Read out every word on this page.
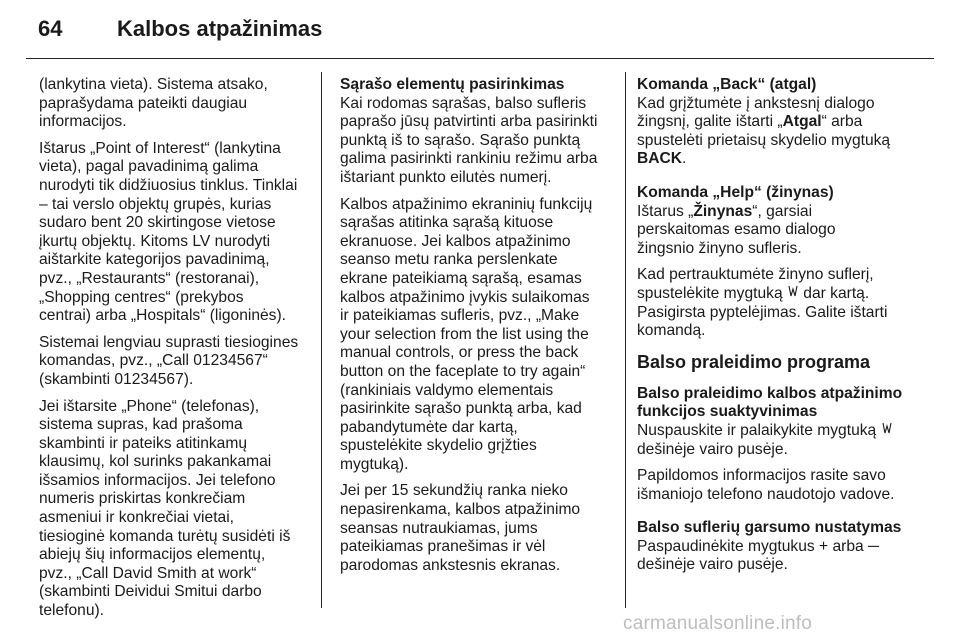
64 Kalbos atpažinimas

(lankytina vieta). Sistema atsako,
paprašydama pateikti daugiau
informacijos.

Ištarus „Point of Interest“ (lankytina
vieta), pagal pavadinimą galima
nurodyti tik didžiuosius tinklus. Tinklai
– tai verslo objektų grupės, kurias
sudaro bent 20 skirtingose vietose
įkurtų objektų. Kitoms LV nurodyti
aištarkite kategorijos pavadinimą,
pvz., „Restaurants“ (restoranai),
„Shopping centres“ (prekybos
centrai) arba „Hospitals“ (ligoninės).

Sistemai lengviau suprasti tiesiogines
komandas, pvz., „Call 01234567“
(skambinti 01234567).

Jei ištarsite „Phone“ (telefonas),
sistema supras, kad prašoma
skambinti ir pateiks atitinkamų
klausimų, kol surinks pakankamai
išsamios informacijos. Jei telefono
numeris priskirtas konkrečiam
asmeniui ir konkrečiai vietai,
tiesioginė komanda turėtų susidėti iš
abiejų šių informacijos elementų,
pvz., „Call David Smith at work“
(skambinti Deividui Smitui darbo
telefonu).

Sąrašo elementų pasirinkimas

Kai rodomas sąrašas, balso sufleris
paprašo jūsų patvirtinti arba pasirinkti
punktą iš to sąrašo. Sąrašo punktą
galima pasirinkti rankiniu režimu arba
ištariant punkto eilutės numerį.

Kalbos atpažinimo ekraninių funkcijų
sąrašas atitinka sąrašą kituose
ekranuose. Jei kalbos atpažinimo
seanso metu ranka perslenkate
ekrane pateikiamą sąrašą, esamas
kalbos atpažinimo įvykis sulaikomas
ir pateikiamas sufleris, pvz., „Make
your selection from the list using the
manual controls, or press the back
button on the faceplate to try again“
(rankiniais valdymo elementais
pasirinkite sąrašo punktą arba, kad
pabandytumėte dar kartą,
spustelėkite skydelio grįžties
mygtuką).

Jei per 15 sekundžių ranka nieko
nepasirenkama, kalbos atpažinimo
seansas nutraukiamas, jums
pateikiamas pranešimas ir vėl
parodomas ankstesnis ekranas.

Komanda „Back“ (atgal)

Kad grįžtumėte į ankstesnį dialogo
žingsnį, galite ištarti „Atgal“ arba
spustelėti prietaisų skydelio mygtuką
BACK.

Komanda „Help“ (žinynas)

Ištarus „Žinynas“, garsiai
perskaitomas esamo dialogo
žingsnio žinyno sufleris.

Kad pertrauktumėte žinyno suflerį,
spustelėkite mygtuką  dar kartą.
Pasigirsta pyptelėjimas. Galite ištarti
komandą.

Balso praleidimo programa
Balso praleidimo kalbos atpažinimo
funkcijos suaktyvinimas

Nuspauskite ir palaikykite mygtuką
dešinėje vairo pusėje.

Papildomos informacijos rasite savo
išmaniojo telefono naudotojo vadove.

Balso suflerių garsumo nustatymas

Paspaudinėkite mygtukus + arba ─
dešinėje vairo pusėje.

carmanualsonline.info
